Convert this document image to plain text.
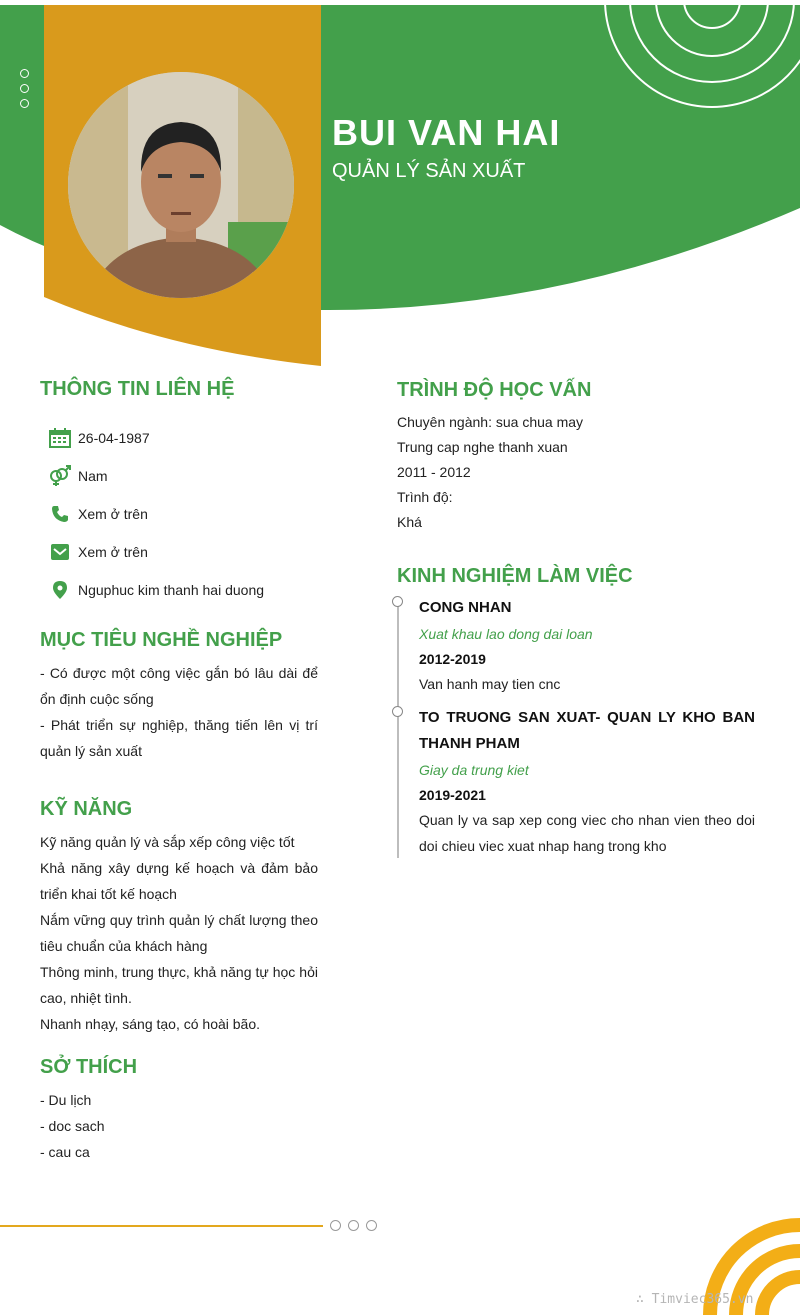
BUI VAN HAI
QUẢN LÝ SẢN XUẤT
THÔNG TIN LIÊN HỆ
26-04-1987
Nam
Xem ở trên
Xem ở trên
Nguphuc kim thanh hai duong
MỤC TIÊU NGHỀ NGHIỆP
- Có được một công việc gắn bó lâu dài để ổn định cuộc sống
- Phát triển sự nghiệp, thăng tiến lên vị trí quản lý sản xuất
KỸ NĂNG
Kỹ năng quản lý và sắp xếp công việc tốt
Khả năng xây dựng kế hoạch và đảm bảo triển khai tốt kế hoạch
Nắm vững quy trình quản lý chất lượng theo tiêu chuẩn của khách hàng
Thông minh, trung thực, khả năng tự học hỏi cao, nhiệt tình.
Nhanh nhạy, sáng tạo, có hoài bão.
SỞ THÍCH
- Du lịch
- doc sach
- cau ca
TRÌNH ĐỘ HỌC VẤN
Chuyên ngành: sua chua may
Trung cap nghe thanh xuan
2011 - 2012
Trình độ:
Khá
KINH NGHIỆM LÀM VIỆC
CONG NHAN
Xuat khau lao dong dai loan
2012-2019
Van hanh may tien cnc
TO TRUONG SAN XUAT- QUAN LY KHO BAN THANH PHAM
Giay da trung kiet
2019-2021
Quan ly va sap xep cong viec cho nhan vien theo doi doi chieu viec xuat nhap hang trong kho
∴ Timviec365.vn
